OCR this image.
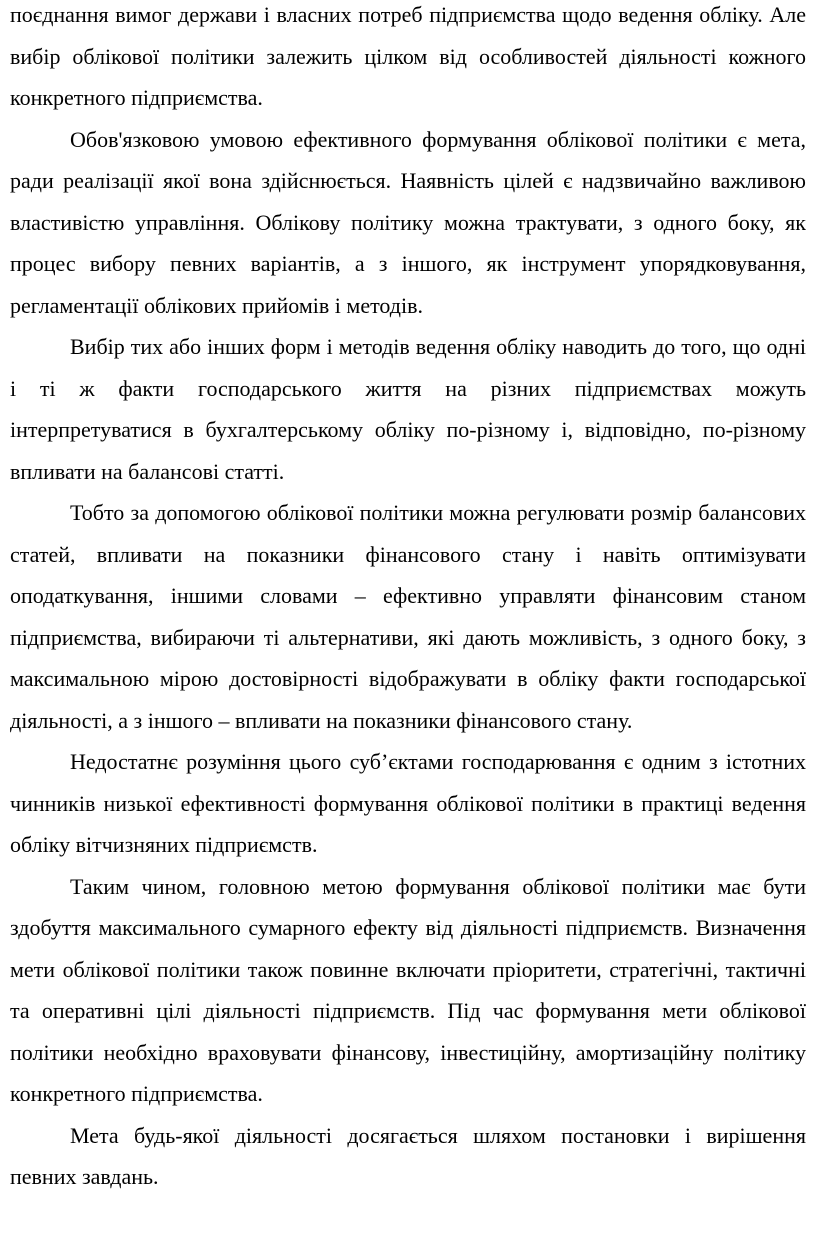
поєднання вимог держави і власних потреб підприємства щодо ведення обліку. Але вибір облікової політики залежить цілком від особливостей діяльності кожного конкретного підприємства.

Обов'язковою умовою ефективного формування облікової політики є мета, ради реалізації якої вона здійснюється. Наявність цілей є надзвичайно важливою властивістю управління. Облікову політику можна трактувати, з одного боку, як процес вибору певних варіантів, а з іншого, як інструмент упорядковування, регламентації облікових прийомів і методів.

Вибір тих або інших форм і методів ведення обліку наводить до того, що одні і ті ж факти господарського життя на різних підприємствах можуть інтерпретуватися в бухгалтерському обліку по-різному і, відповідно, по-різному впливати на балансові статті.

Тобто за допомогою облікової політики можна регулювати розмір балансових статей, впливати на показники фінансового стану і навіть оптимізувати оподаткування, іншими словами – ефективно управляти фінансовим станом підприємства, вибираючи ті альтернативи, які дають можливість, з одного боку, з максимальною мірою достовірності відображувати в обліку факти господарської діяльності, а з іншого – впливати на показники фінансового стану.

Недостатнє розуміння цього суб’єктами господарювання є одним з істотних чинників низької ефективності формування облікової політики в практиці ведення обліку вітчизняних підприємств.

Таким чином, головною метою формування облікової політики має бути здобуття максимального сумарного ефекту від діяльності підприємств. Визначення мети облікової політики також повинне включати пріоритети, стратегічні, тактичні та оперативні цілі діяльності підприємств. Під час формування мети облікової політики необхідно враховувати фінансову, інвестиційну, амортизаційну політику конкретного підприємства.

Мета будь-якої діяльності досягається шляхом постановки і вирішення певних завдань.
